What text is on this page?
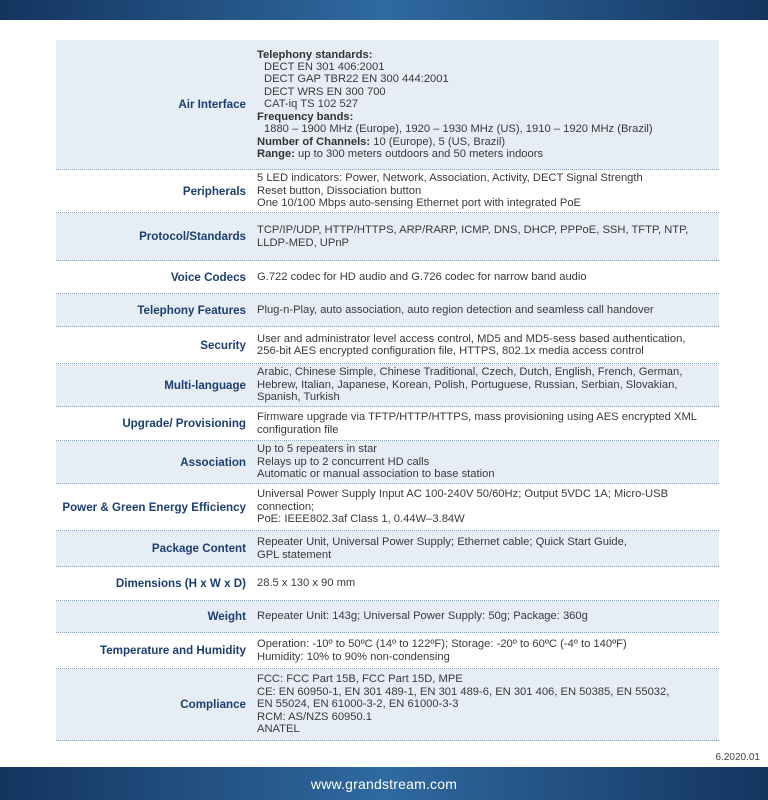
Air Interface
Telephony standards:
DECT EN 301 406:2001
DECT GAP TBR22 EN 300 444:2001
DECT WRS EN 300 700
CAT-iq TS 102 527
Frequency bands:
1880 – 1900 MHz (Europe), 1920 – 1930 MHz (US), 1910 – 1920 MHz (Brazil)
Number of Channels: 10 (Europe), 5 (US, Brazil)
Range: up to 300 meters outdoors and 50 meters indoors
Peripherals
5 LED indicators: Power, Network, Association, Activity, DECT Signal Strength
Reset button, Dissociation button
One 10/100 Mbps auto-sensing Ethernet port with integrated PoE
Protocol/Standards TCP/IP/UDP, HTTP/HTTPS, ARP/RARP, ICMP, DNS, DHCP, PPPoE, SSH, TFTP, NTP,
LLDP-MED, UPnP
Voice Codecs G.722 codec for HD audio and G.726 codec for narrow band audio
Telephony Features Plug-n-Play, auto association, auto region detection and seamless call handover
Security User and administrator level access control, MD5 and MD5-sess based authentication,
256-bit AES encrypted configuration file, HTTPS, 802.1x media access control
Multi-language
Arabic, Chinese Simple, Chinese Traditional, Czech, Dutch, English, French, German,
Hebrew, Italian, Japanese, Korean, Polish, Portuguese, Russian, Serbian, Slovakian,
Spanish, Turkish
Upgrade/ Provisioning Firmware upgrade via TFTP/HTTP/HTTPS, mass provisioning using AES encrypted XML
configuration file
Association
Up to 5 repeaters in star
Relays up to 2 concurrent HD calls
Automatic or manual association to base station
Power & Green Energy Efficiency
Universal Power Supply Input AC 100-240V 50/60Hz; Output 5VDC 1A; Micro-USB
connection;
PoE: IEEE802.3af Class 1, 0.44W–3.84W
Package Content Repeater Unit, Universal Power Supply; Ethernet cable; Quick Start Guide,
GPL statement
Dimensions (H x W x D) 28.5 x 130 x 90 mm
Weight Repeater Unit: 143g; Universal Power Supply: 50g; Package: 360g
Temperature and Humidity Operation: -10º to 50ºC (14º to 122ºF); Storage: -20º to 60ºC (-4º to 140ºF)
Humidity: 10% to 90% non-condensing
Compliance
FCC: FCC Part 15B, FCC Part 15D, MPE
CE: EN 60950-1, EN 301 489-1, EN 301 489-6, EN 301 406, EN 50385, EN 55032,
EN 55024, EN 61000-3-2, EN 61000-3-3
RCM: AS/NZS 60950.1
ANATEL
6.2020.01
www.grandstream.com
